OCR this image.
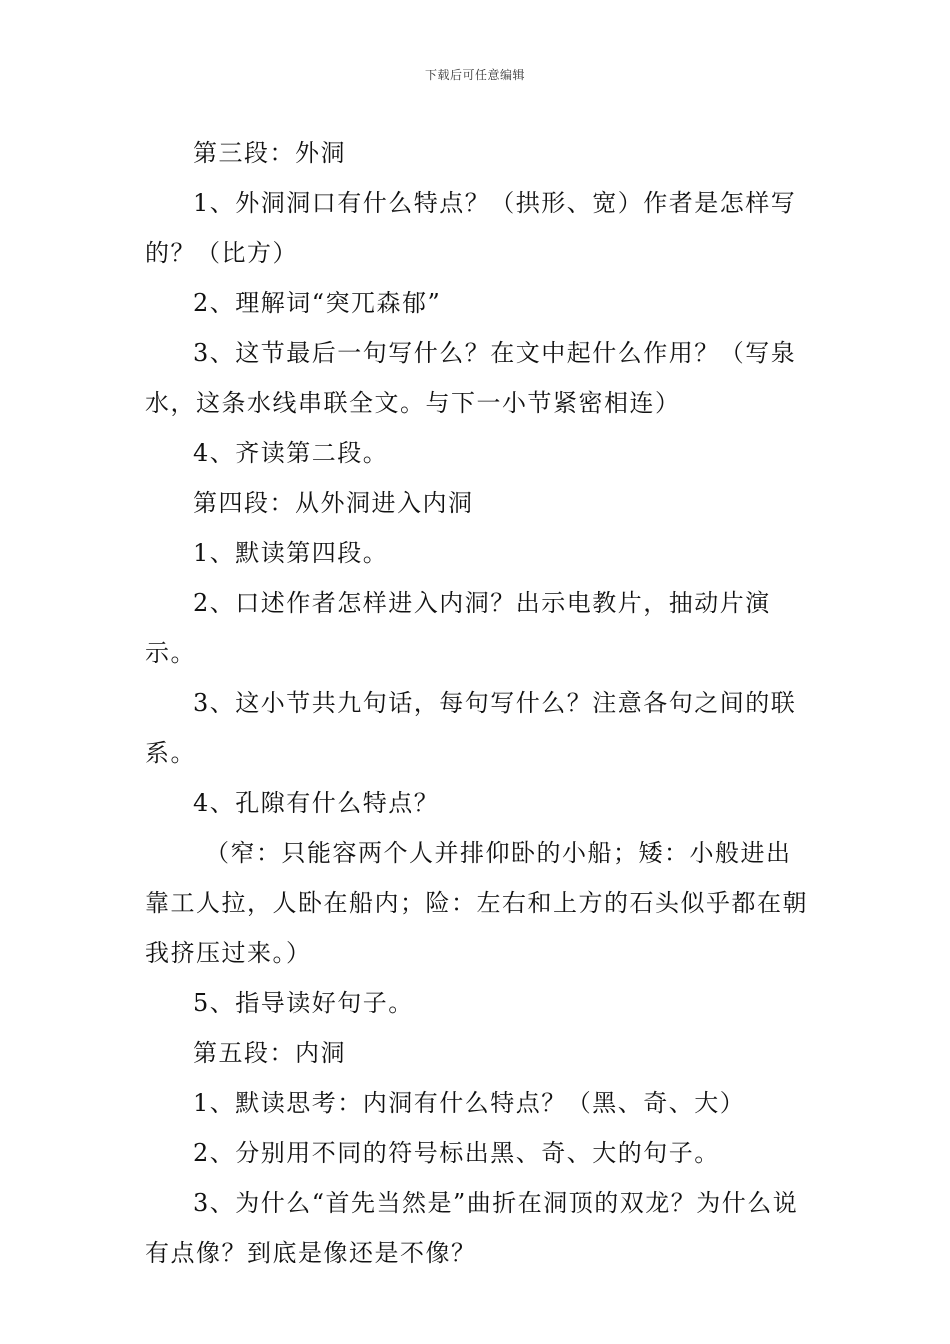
下载后可任意编辑

第三段：外洞

1、外洞洞口有什么特点？（拱形、宽）作者是怎样写的？（比方）

2、理解词“突兀森郁”

3、这节最后一句写什么？在文中起什么作用？（写泉水，这条水线串联全文。与下一小节紧密相连）

4、齐读第二段。

第四段：从外洞进入内洞

1、默读第四段。

2、口述作者怎样进入内洞？出示电教片，抽动片演示。

3、这小节共九句话，每句写什么？注意各句之间的联系。

4、孔隙有什么特点？

（窄：只能容两个人并排仰卧的小船；矮：小般进出靠工人拉，人卧在船内；险：左右和上方的石头似乎都在朝我挤压过来。）

5、指导读好句子。

第五段：内洞

1、默读思考：内洞有什么特点？（黑、奇、大）

2、分别用不同的符号标出黑、奇、大的句子。

3、为什么“首先当然是”曲折在洞顶的双龙？为什么说有点像？到底是像还是不像？
